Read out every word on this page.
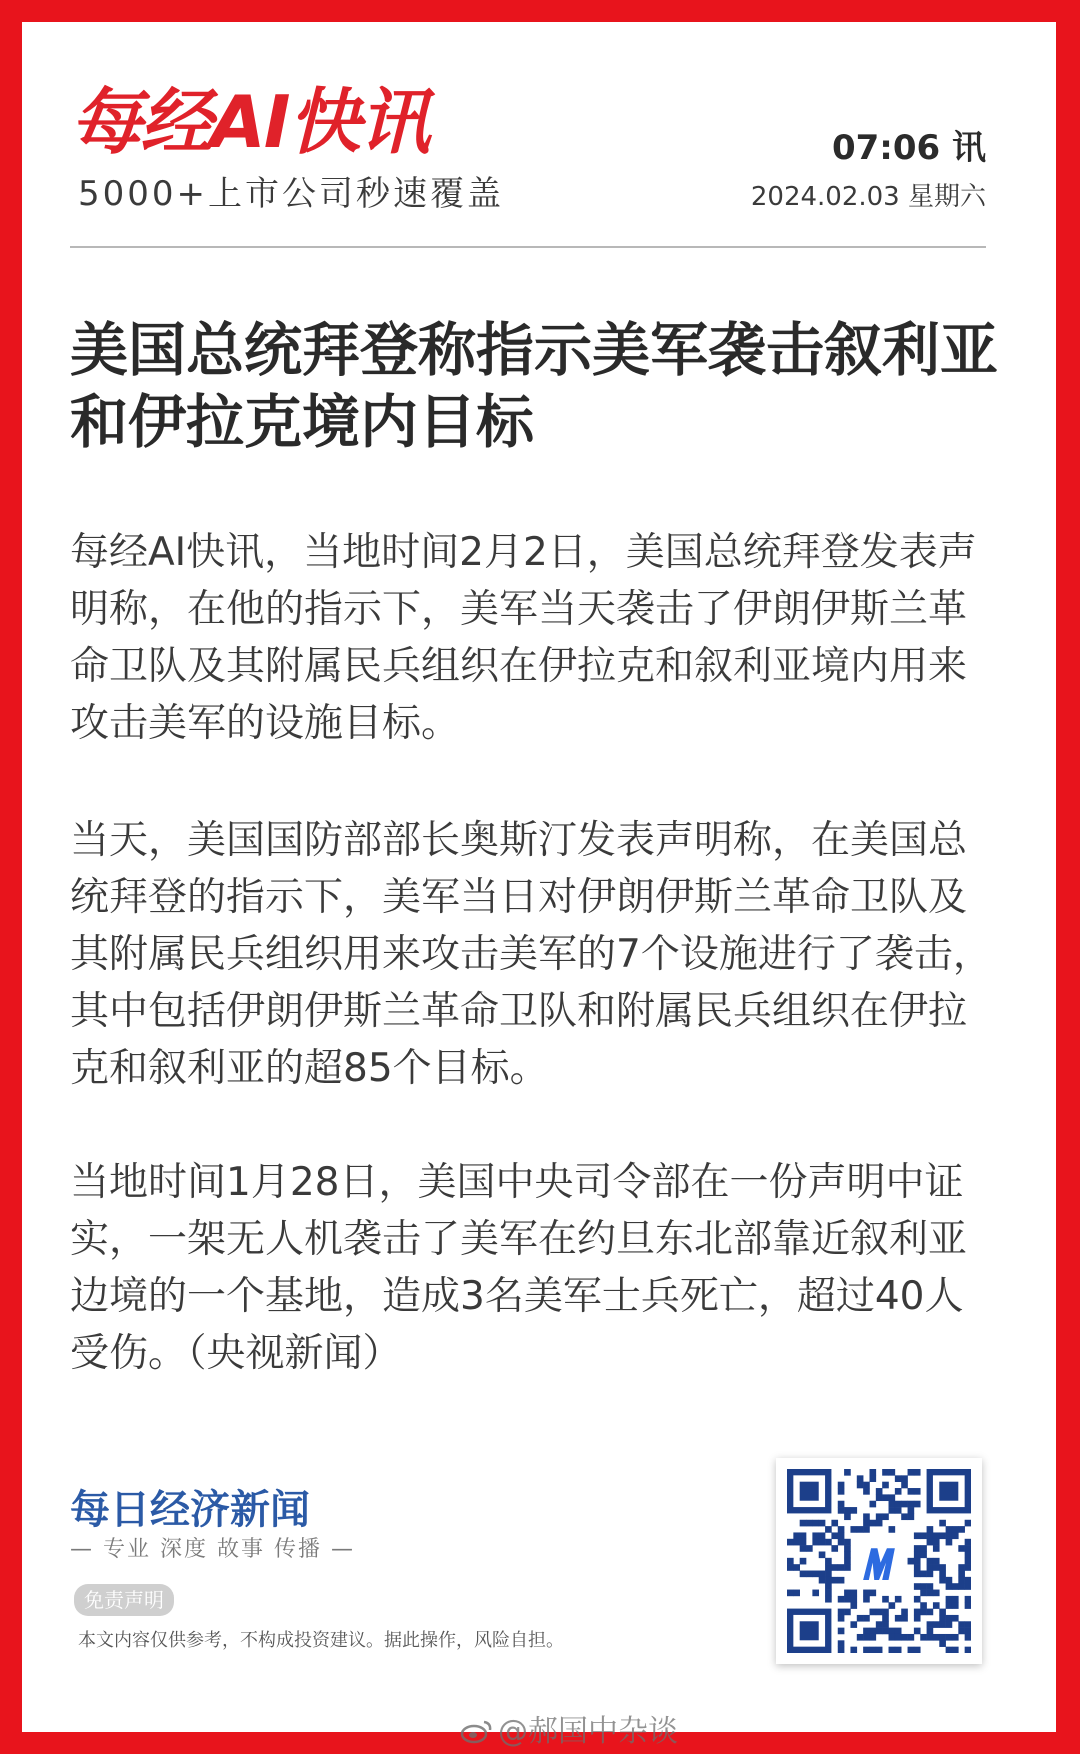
每经AI快讯
5000+上市公司秒速覆盖
07:06 讯
2024.02.03 星期六
美国总统拜登称指示美军袭击叙利亚和伊拉克境内目标

每经AI快讯，当地时间2月2日，美国总统拜登发表声明称，在他的指示下，美军当天袭击了伊朗伊斯兰革命卫队及其附属民兵组织在伊拉克和叙利亚境内用来攻击美军的设施目标。

当天，美国国防部部长奥斯汀发表声明称，在美国总统拜登的指示下，美军当日对伊朗伊斯兰革命卫队及其附属民兵组织用来攻击美军的7个设施进行了袭击，其中包括伊朗伊斯兰革命卫队和附属民兵组织在伊拉克和叙利亚的超85个目标。

当地时间1月28日，美国中央司令部在一份声明中证实，一架无人机袭击了美军在约旦东北部靠近叙利亚边境的一个基地，造成3名美军士兵死亡，超过40人受伤。（央视新闻）

每日经济新闻
— 专业 深度 故事 传播 —
免责声明
本文内容仅供参考，不构成投资建议。据此操作，风险自担。
@郝国中杂谈
